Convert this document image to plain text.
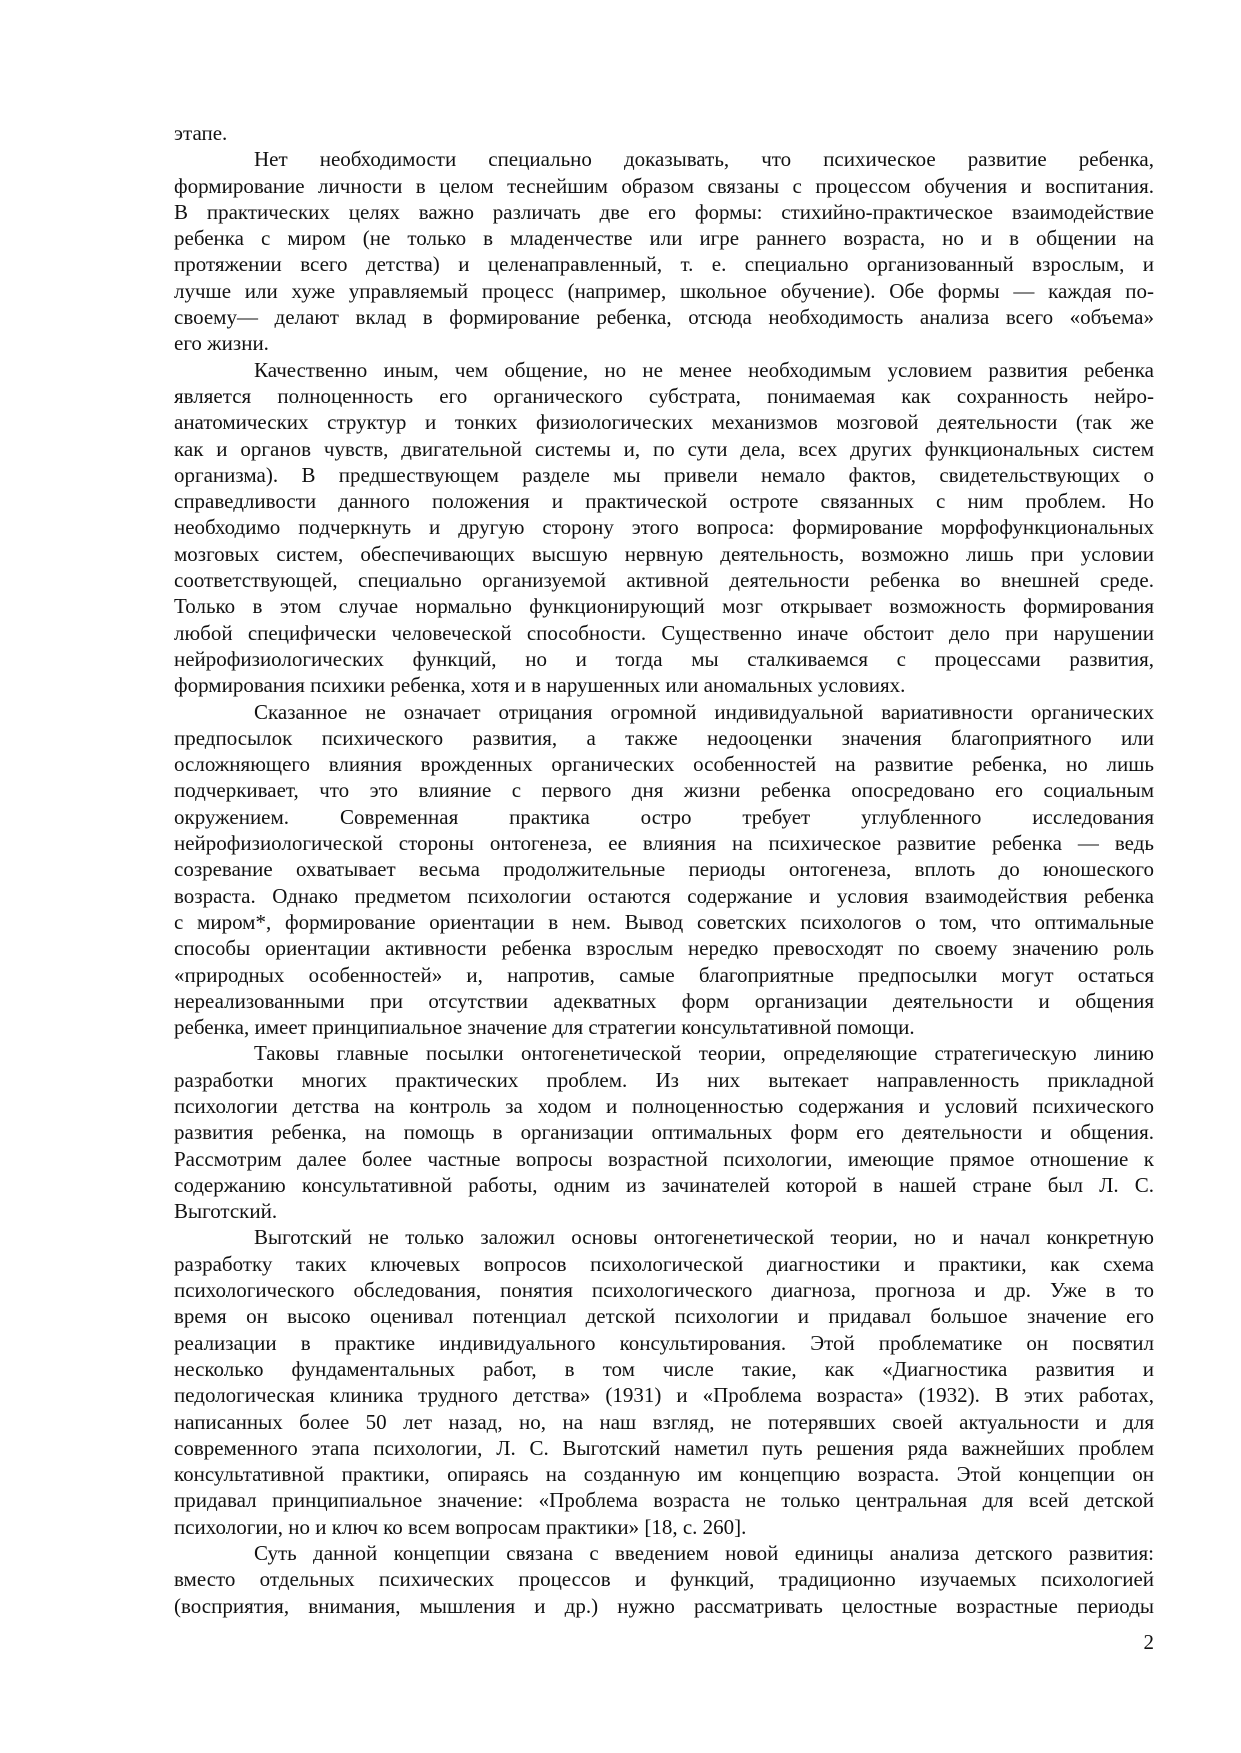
этапе.
Нет необходимости специально доказывать, что психическое развитие ребенка,
формирование личности в целом теснейшим образом связаны с процессом обучения и воспитания.
В практических целях важно различать две его формы: стихийно-практическое взаимодействие
ребенка с миром (не только в младенчестве или игре раннего возраста, но и в общении на
протяжении всего детства) и целенаправленный, т. е. специально организованный взрослым, и
лучше или хуже управляемый процесс (например, школьное обучение). Обе формы — каждая по-
своему— делают вклад в формирование ребенка, отсюда необходимость анализа всего «объема»
его жизни.
Качественно иным, чем общение, но не менее необходимым условием развития ребенка
является полноценность его органического субстрата, понимаемая как сохранность нейро-
анатомических структур и тонких физиологических механизмов мозговой деятельности (так же
как и органов чувств, двигательной системы и, по сути дела, всех других функциональных систем
организма). В предшествующем разделе мы привели немало фактов, свидетельствующих о
справедливости данного положения и практической остроте связанных с ним проблем. Но
необходимо подчеркнуть и другую сторону этого вопроса: формирование морфофункциональных
мозговых систем, обеспечивающих высшую нервную деятельность, возможно лишь при условии
соответствующей, специально организуемой активной деятельности ребенка во внешней среде.
Только в этом случае нормально функционирующий мозг открывает возможность формирования
любой специфически человеческой способности. Существенно иначе обстоит дело при нарушении
нейрофизиологических функций, но и тогда мы сталкиваемся с процессами развития,
формирования психики ребенка, хотя и в нарушенных или аномальных условиях.
Сказанное не означает отрицания огромной индивидуальной вариативности органических
предпосылок психического развития, а также недооценки значения благоприятного или
осложняющего влияния врожденных органических особенностей на развитие ребенка, но лишь
подчеркивает, что это влияние с первого дня жизни ребенка опосредовано его социальным
окружением. Современная практика остро требует углубленного исследования
нейрофизиологической стороны онтогенеза, ее влияния на психическое развитие ребенка — ведь
созревание охватывает весьма продолжительные периоды онтогенеза, вплоть до юношеского
возраста. Однако предметом психологии остаются содержание и условия взаимодействия ребенка
с миром*, формирование ориентации в нем. Вывод советских психологов о том, что оптимальные
способы ориентации активности ребенка взрослым нередко превосходят по своему значению роль
«природных особенностей» и, напротив, самые благоприятные предпосылки могут остаться
нереализованными при отсутствии адекватных форм организации деятельности и общения
ребенка, имеет принципиальное значение для стратегии консультативной помощи.
Таковы главные посылки онтогенетической теории, определяющие стратегическую линию
разработки многих практических проблем. Из них вытекает направленность прикладной
психологии детства на контроль за ходом и полноценностью содержания и условий психического
развития ребенка, на помощь в организации оптимальных форм его деятельности и общения.
Рассмотрим далее более частные вопросы возрастной психологии, имеющие прямое отношение к
содержанию консультативной работы, одним из зачинателей которой в нашей стране был Л. С.
Выготский.
Выготский не только заложил основы онтогенетической теории, но и начал конкретную
разработку таких ключевых вопросов психологической диагностики и практики, как схема
психологического обследования, понятия психологического диагноза, прогноза и др. Уже в то
время он высоко оценивал потенциал детской психологии и придавал большое значение его
реализации в практике индивидуального консультирования. Этой проблематике он посвятил
несколько фундаментальных работ, в том числе такие, как «Диагностика развития и
педологическая клиника трудного детства» (1931) и «Проблема возраста» (1932). В этих работах,
написанных более 50 лет назад, но, на наш взгляд, не потерявших своей актуальности и для
современного этапа психологии, Л. С. Выготский наметил путь решения ряда важнейших проблем
консультативной практики, опираясь на созданную им концепцию возраста. Этой концепции он
придавал принципиальное значение: «Проблема возраста не только центральная для всей детской
психологии, но и ключ ко всем вопросам практики» [18, с. 260].
Суть данной концепции связана с введением новой единицы анализа детского развития:
вместо отдельных психических процессов и функций, традиционно изучаемых психологией
(восприятия, внимания, мышления и др.) нужно рассматривать целостные возрастные периоды
2
